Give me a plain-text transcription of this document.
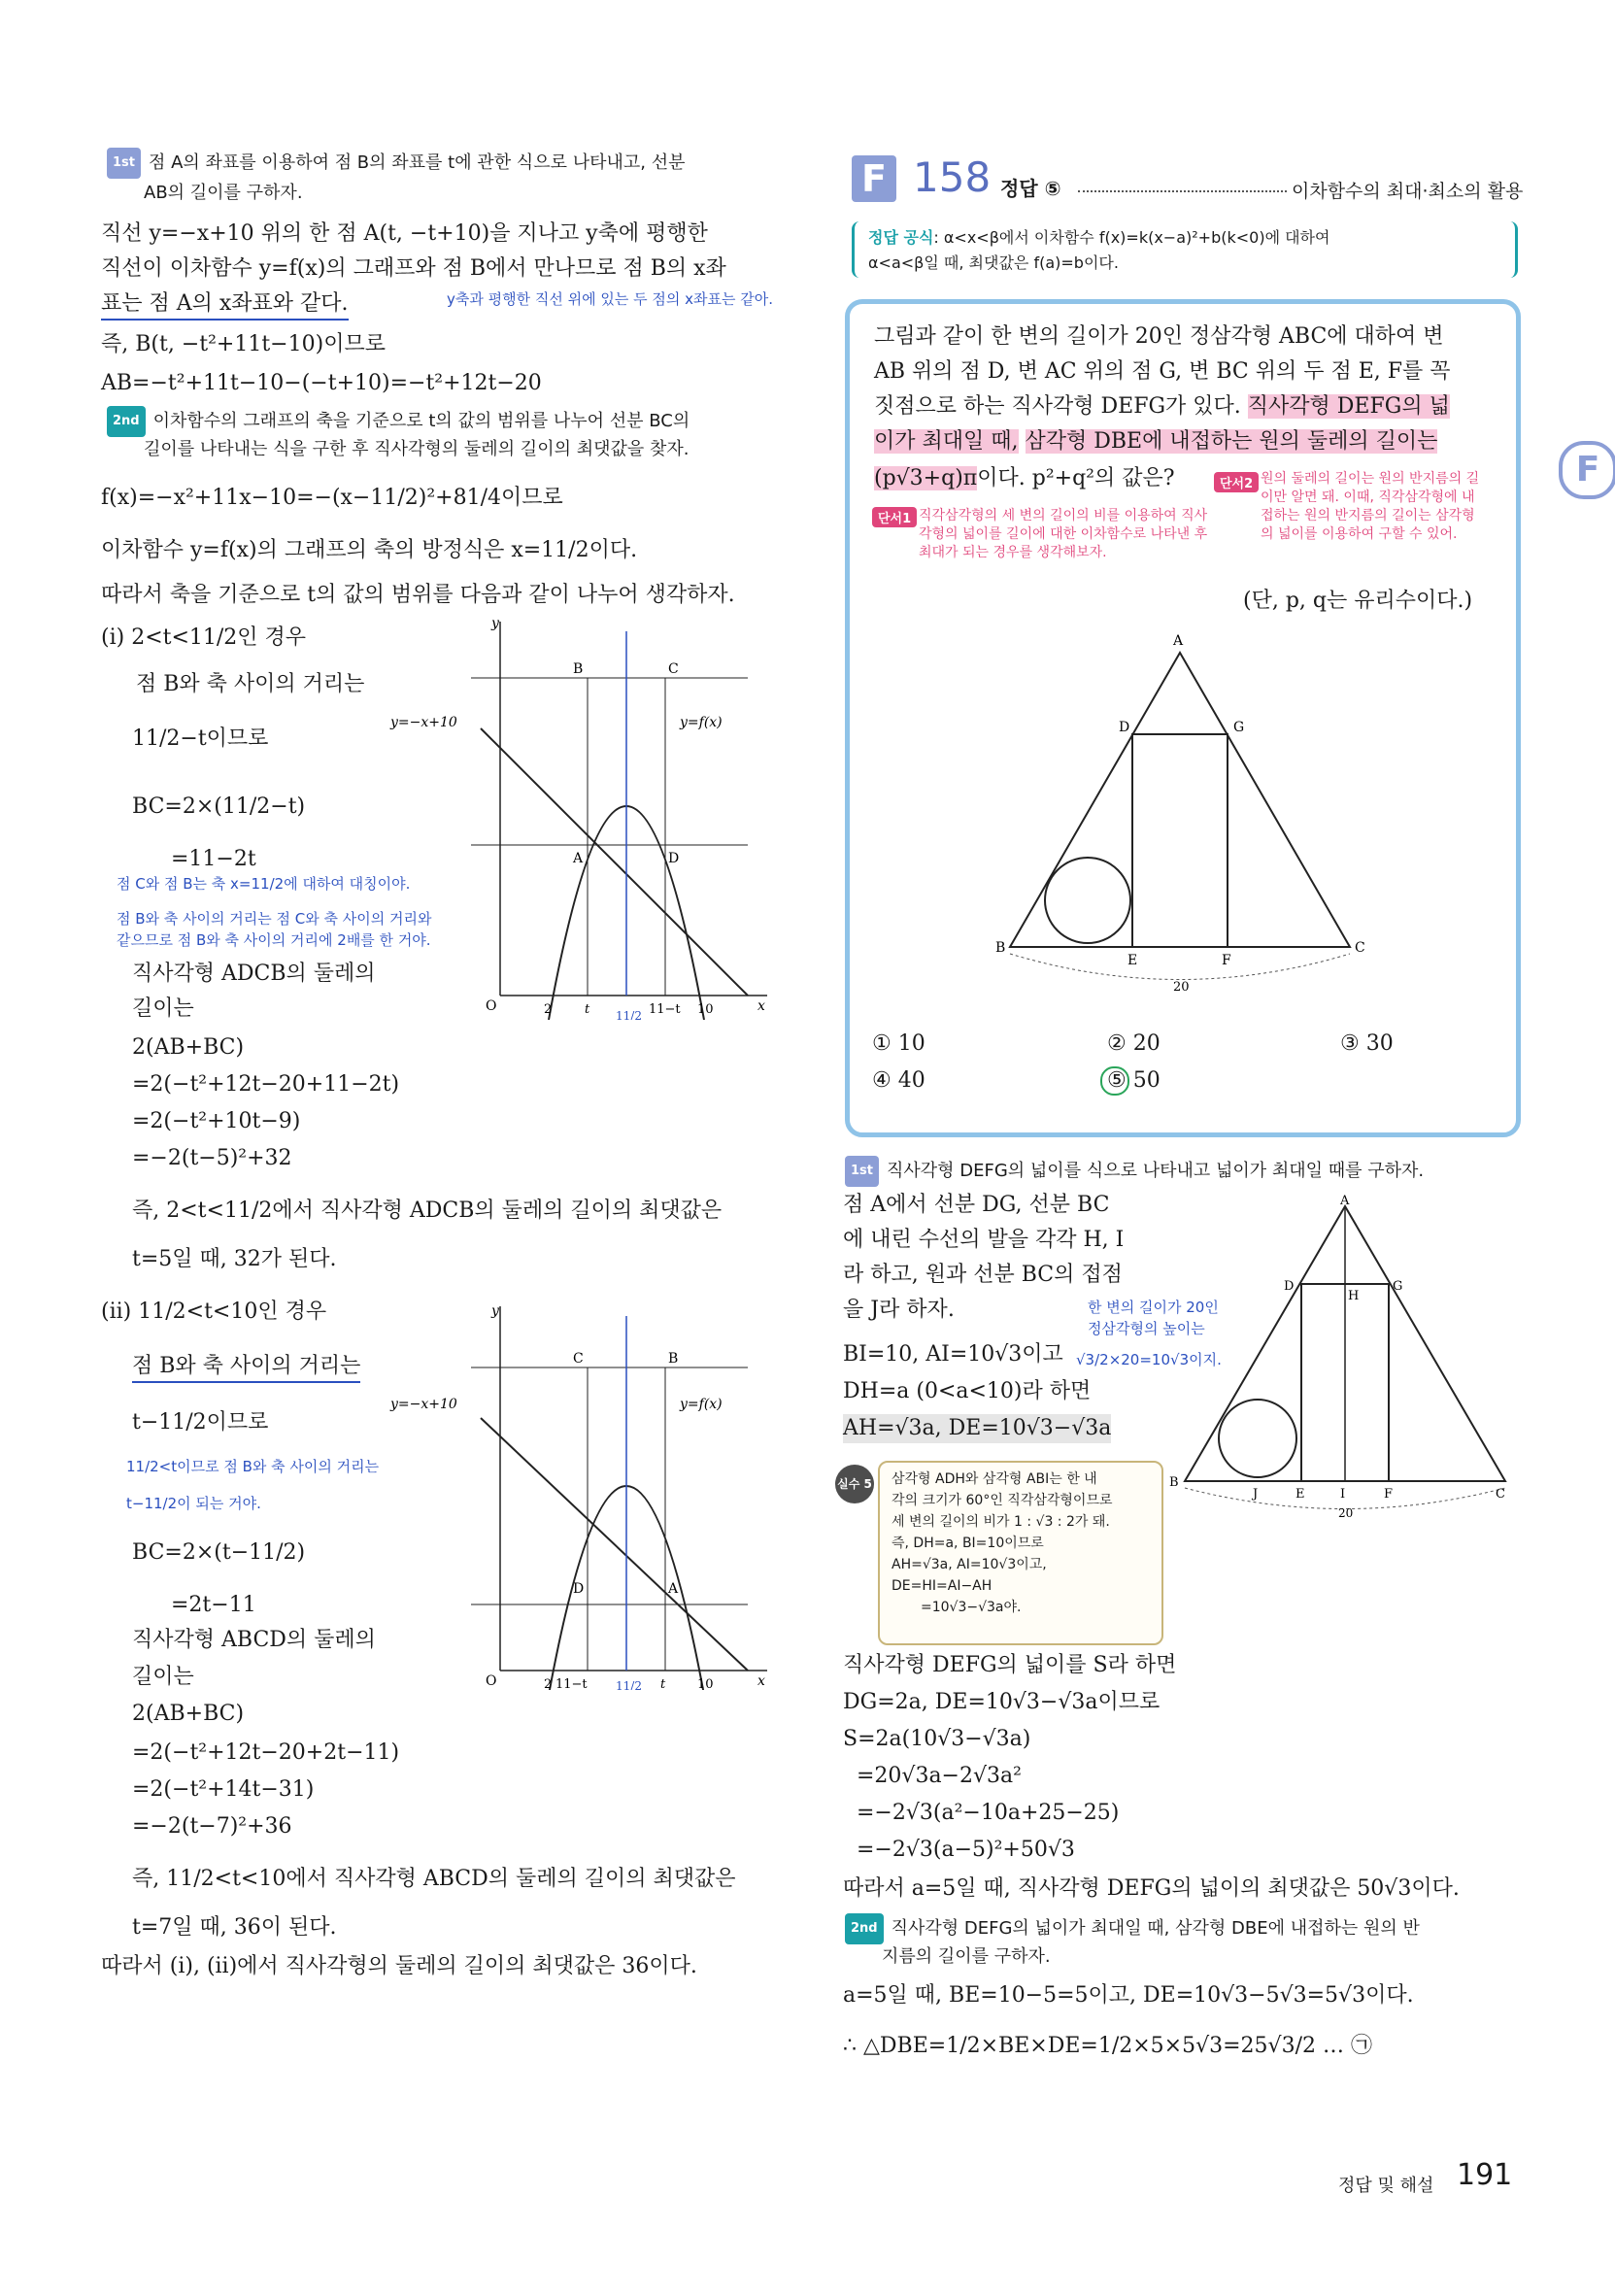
F 158 정답 ⑤	이차함수의 최대·최소의 활용
정답 공식: α<x<β에서 이차함수 f(x)=k(x−a)²+b(k<0)에 대하여
α<a<β일 때, 최댓값은 f(a)=b이다.
F
그림과 같이 한 변의 길이가 20인 정삼각형 ABC에 대하여 변
AB 위의 점 D, 변 AC 위의 점 G, 변 BC 위의 두 점 E, F를 꼭
짓점으로 하는 직사각형 DEFG가 있다. 직사각형 DEFG의 넓
이가 최대일 때, 삼각형 DBE에 내접하는 원의 둘레의 길이는
(p√3+q)π이다. p²+q²의 값은?
단서1 직각삼각형의 세 변의 길이의 비를 이용하여 직사각형의 넓이를 길이에 대한 이차함수로 나타낸 후 최대가 되는 경우를 생각해보자.
단서2 원의 둘레의 길이는 원의 반지름의 길이만 알면 돼. 이때, 직각삼각형에 내접하는 원의 반지름의 길이는 삼각형의 넓이를 이용하여 구할 수 있어.
(단, p, q는 유리수이다.)
A
B	C
D	G
E	F
20
① 10	② 20	③ 30
④ 40	⑤ 50
1st 점 A의 좌표를 이용하여 점 B의 좌표를 t에 관한 식으로 나타내고, 선분
AB의 길이를 구하자.
직선 y=−x+10 위의 한 점 A(t, −t+10)을 지나고 y축에 평행한
직선이 이차함수 y=f(x)의 그래프와 점 B에서 만나므로 점 B의 x좌
표는 점 A의 x좌표와 같다.	y축과 평행한 직선 위에 있는 두 점의 x좌표는 같아.
즉, B(t, −t²+11t−10)이므로
AB=−t²+11t−10−(−t+10)=−t²+12t−20
2nd 이차함수의 그래프의 축을 기준으로 t의 값의 범위를 나누어 선분 BC의
길이를 나타내는 식을 구한 후 직사각형의 둘레의 길이의 최댓값을 찾자.
f(x)=−x²+11x−10=−(x−11/2)²+81/4이므로
이차함수 y=f(x)의 그래프의 축의 방정식은 x=11/2이다.
따라서 축을 기준으로 t의 값의 범위를 다음과 같이 나누어 생각하자.
(i) 2<t<11/2인 경우
점 B와 축 사이의 거리는
11/2−t이므로
BC=2×(11/2−t)
=11−2t
점 C와 점 B는 축 x=11/2에 대하여 대칭이야.
점 B와 축 사이의 거리는 점 C와 축 사이의 거리와
같으므로 점 B와 축 사이의 거리에 2배를 한 거야.
직사각형 ADCB의 둘레의
길이는
2(AB+BC)
=2(−t²+12t−20+11−2t)
=2(−t²+10t−9)
=−2(t−5)²+32
즉, 2<t<11/2에서 직사각형 ADCB의 둘레의 길이의 최댓값은
t=5일 때, 32가 된다.
y
O	x
B	C
A	D
y=−x+10	y=f(x)
2	t	11−t 10
11/2
(ii) 11/2<t<10인 경우
점 B와 축 사이의 거리는
t−11/2이므로
11/2<t이므로 점 B와 축 사이의 거리는
t−11/2이 되는 거야.
BC=2×(t−11/2)
=2t−11
직사각형 ABCD의 둘레의
길이는
2(AB+BC)
=2(−t²+12t−20+2t−11)
=2(−t²+14t−31)
=−2(t−7)²+36
즉, 11/2<t<10에서 직사각형 ABCD의 둘레의 길이의 최댓값은
t=7일 때, 36이 된다.
따라서 (i), (ii)에서 직사각형의 둘레의 길이의 최댓값은 36이다.
y
O	x
C	B
D	A
y=−x+10	y=f(x)
2 11−t	t	10
11/2
1st 직사각형 DEFG의 넓이를 식으로 나타내고 넓이가 최대일 때를 구하자.
점 A에서 선분 DG, 선분 BC
에 내린 수선의 발을 각각 H, I
라 하고, 원과 선분 BC의 접점
을 J라 하자.	한 변의 길이가 20인
정삼각형의 높이는
√3/2×20=10√3이지.
BI=10, AI=10√3이고
DH=a (0<a<10)라 하면
AH=√3a, DE=10√3−√3a
실수 5 삼각형 ADH와 삼각형 ABI는 한 내
각의 크기가 60°인 직각삼각형이므로
세 변의 길이의 비가 1 : √3 : 2가 돼.
즉, DH=a, BI=10이므로
AH=√3a, AI=10√3이고,
DE=HI=AI−AH
=10√3−√3a야.
A
B
C
D	G
H
J	E	I	F
20
직사각형 DEFG의 넓이를 S라 하면
DG=2a, DE=10√3−√3a이므로
S=2a(10√3−√3a)
=20√3a−2√3a²
=−2√3(a²−10a+25−25)
=−2√3(a−5)²+50√3
따라서 a=5일 때, 직사각형 DEFG의 넓이의 최댓값은 50√3이다.
2nd 직사각형 DEFG의 넓이가 최대일 때, 삼각형 DBE에 내접하는 원의 반
지름의 길이를 구하자.
a=5일 때, BE=10−5=5이고, DE=10√3−5√3=5√3이다.
∴ △DBE=1/2×BE×DE=1/2×5×5√3=25√3/2 … ㉠
정답 및 해설 191
